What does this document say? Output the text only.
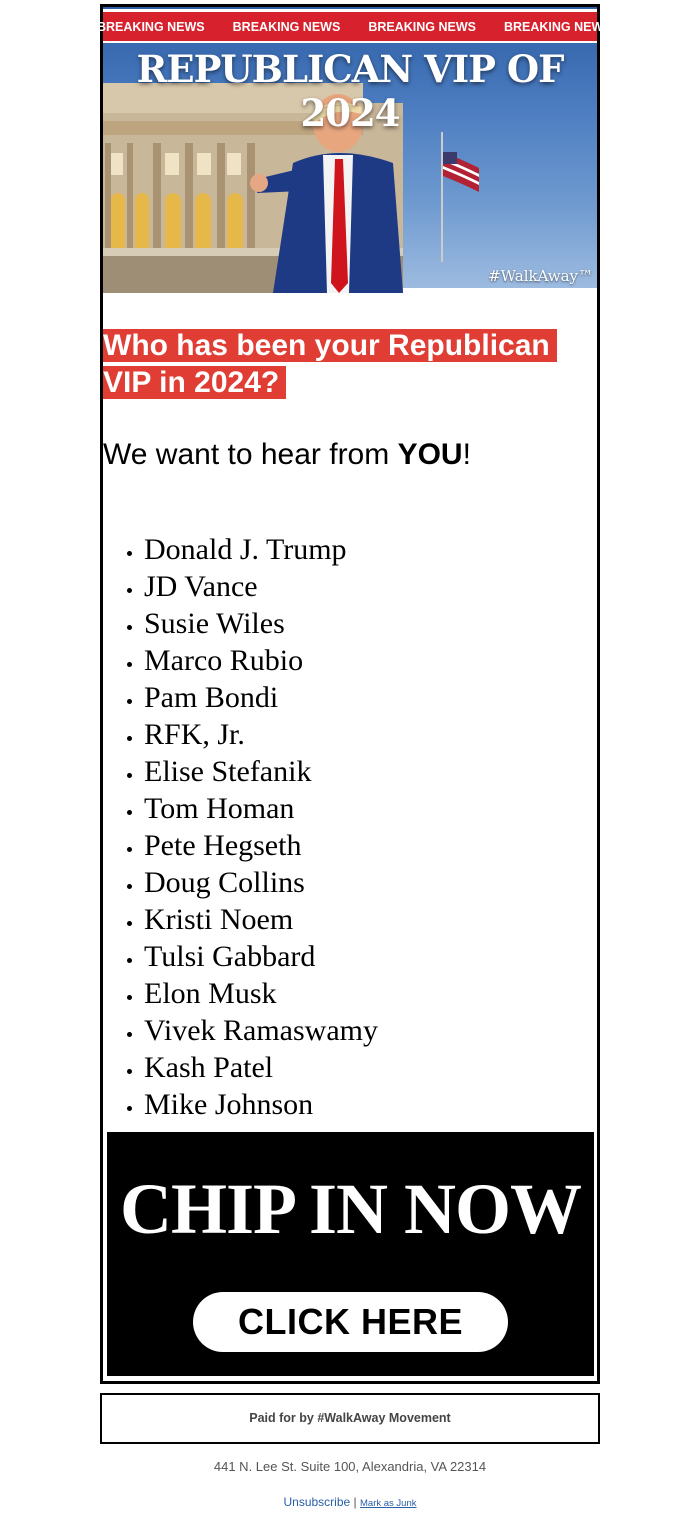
BREAKING NEWS BREAKING NEWS BREAKING NEWS BREAKING NEWS
REPUBLICAN VIP OF 2024
#WalkAway™
Who has been your Republican VIP in 2024?
We want to hear from YOU!
Donald J. Trump
JD Vance
Susie Wiles
Marco Rubio
Pam Bondi
RFK, Jr.
Elise Stefanik
Tom Homan
Pete Hegseth
Doug Collins
Kristi Noem
Tulsi Gabbard
Elon Musk
Vivek Ramaswamy
Kash Patel
Mike Johnson
CHIP IN NOW
CLICK HERE
Paid for by #WalkAway Movement
441 N. Lee St. Suite 100, Alexandria, VA 22314
Unsubscribe | Mark as Junk
